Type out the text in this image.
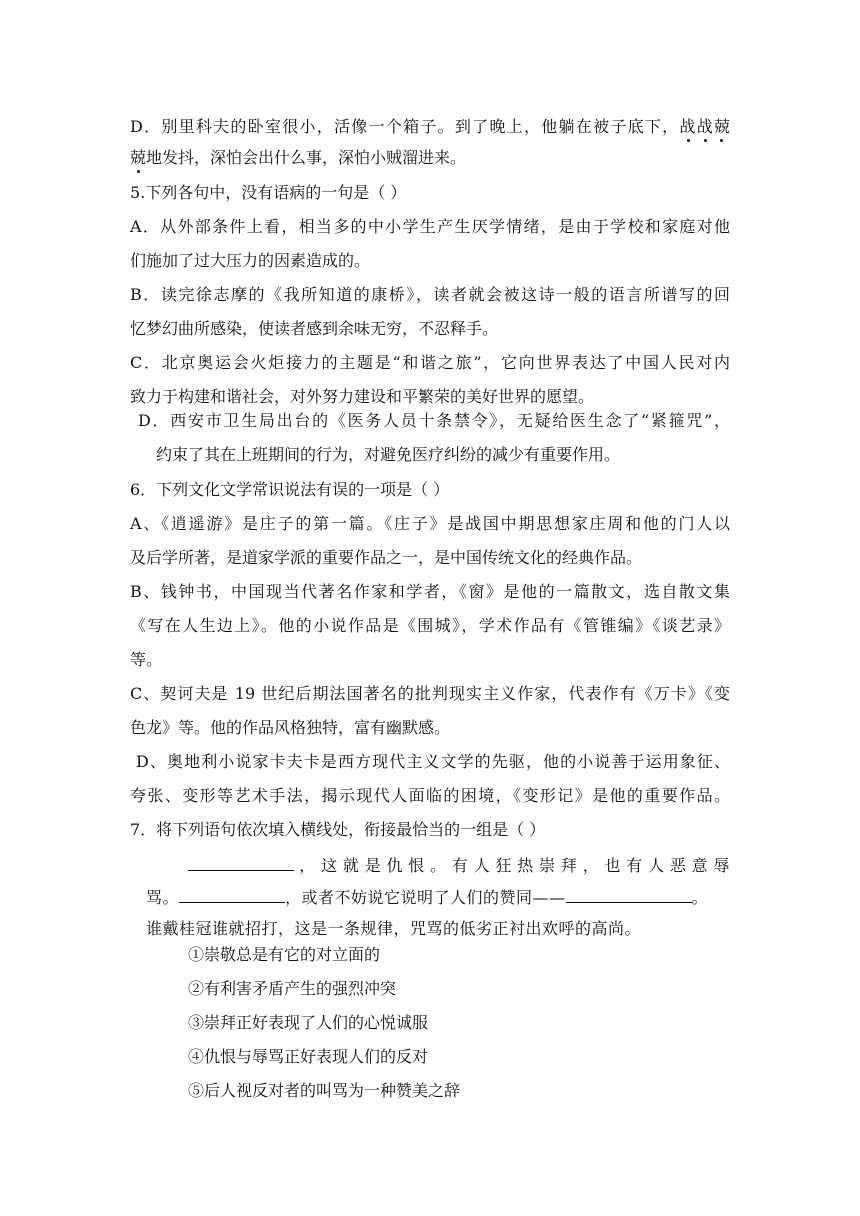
D．别里科夫的卧室很小，活像一个箱子。到了晚上，他躺在被子底下，战战兢
兢地发抖，深怕会出什么事，深怕小贼溜进来。
5.下列各句中，没有语病的一句是（ ）
A．从外部条件上看，相当多的中小学生产生厌学情绪，是由于学校和家庭对他
们施加了过大压力的因素造成的。
B．读完徐志摩的《我所知道的康桥》，读者就会被这诗一般的语言所谱写的回
忆梦幻曲所感染，使读者感到余味无穷，不忍释手。
C．北京奥运会火炬接力的主题是“和谐之旅”，它向世界表达了中国人民对内
致力于构建和谐社会，对外努力建设和平繁荣的美好世界的愿望。
D．西安市卫生局出台的《医务人员十条禁令》，无疑给医生念了“紧箍咒”，
约束了其在上班期间的行为，对避免医疗纠纷的减少有重要作用。
6．下列文化文学常识说法有误的一项是（ ）
A、《逍遥游》是庄子的第一篇。《庄子》是战国中期思想家庄周和他的门人以
及后学所著，是道家学派的重要作品之一，是中国传统文化的经典作品。
B、钱钟书，中国现当代著名作家和学者，《窗》是他的一篇散文，选自散文集
《写在人生边上》。他的小说作品是《围城》，学术作品有《管锥编》《谈艺录》
等。
C、契诃夫是 19 世纪后期法国著名的批判现实主义作家，代表作有《万卡》《变
色龙》等。他的作品风格独特，富有幽默感。
D、奥地利小说家卡夫卡是西方现代主义文学的先驱，他的小说善于运用象征、
夸张、变形等艺术手法，揭示现代人面临的困境，《变形记》是他的重要作品。
7．将下列语句依次填入横线处，衔接最恰当的一组是（ ）
，这就是仇恨。有人狂热崇拜，也有人恶意辱
骂。	，或者不妨说它说明了人们的赞同——	。
谁戴桂冠谁就招打，这是一条规律，咒骂的低劣正衬出欢呼的高尚。
①崇敬总是有它的对立面的
②有利害矛盾产生的强烈冲突
③崇拜正好表现了人们的心悦诚服
④仇恨与辱骂正好表现人们的反对
⑤后人视反对者的叫骂为一种赞美之辞
